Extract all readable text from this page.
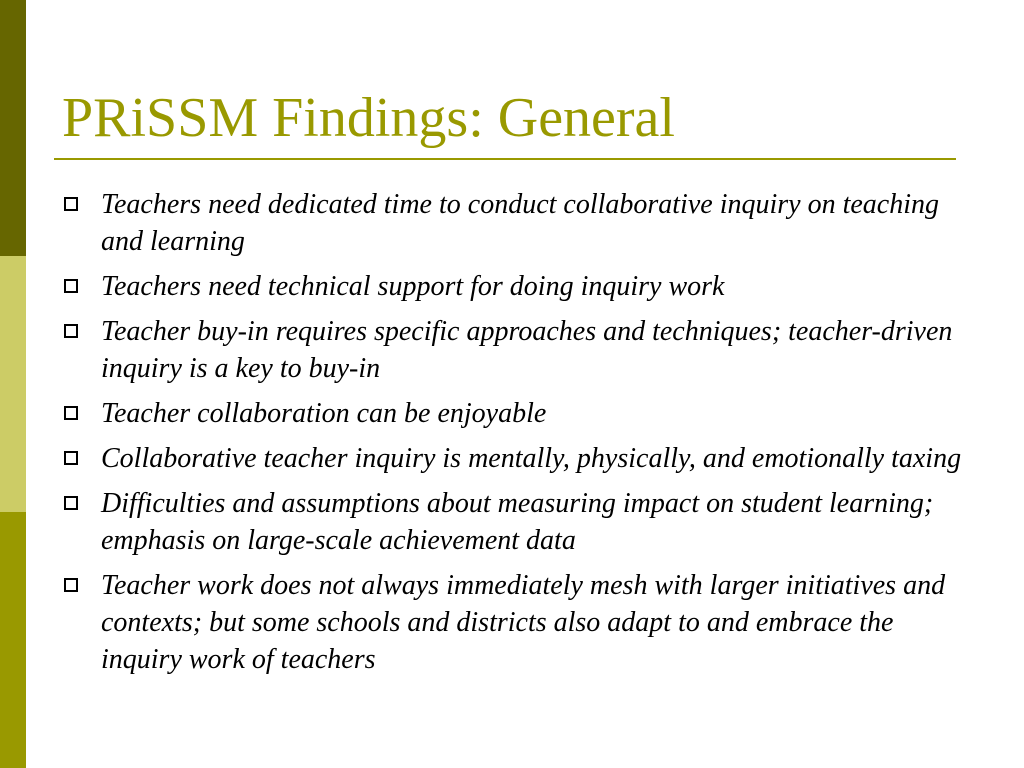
PRiSSM Findings: General
Teachers need dedicated time to conduct collaborative inquiry on teaching and learning
Teachers need technical support for doing inquiry work
Teacher buy-in requires specific approaches and techniques; teacher-driven inquiry is a key to buy-in
Teacher collaboration can be enjoyable
Collaborative teacher inquiry is mentally, physically, and emotionally taxing
Difficulties and assumptions about measuring impact on student learning; emphasis on large-scale achievement data
Teacher work does not always immediately mesh with larger initiatives and contexts; but some schools and districts also adapt to and embrace the inquiry work of teachers
